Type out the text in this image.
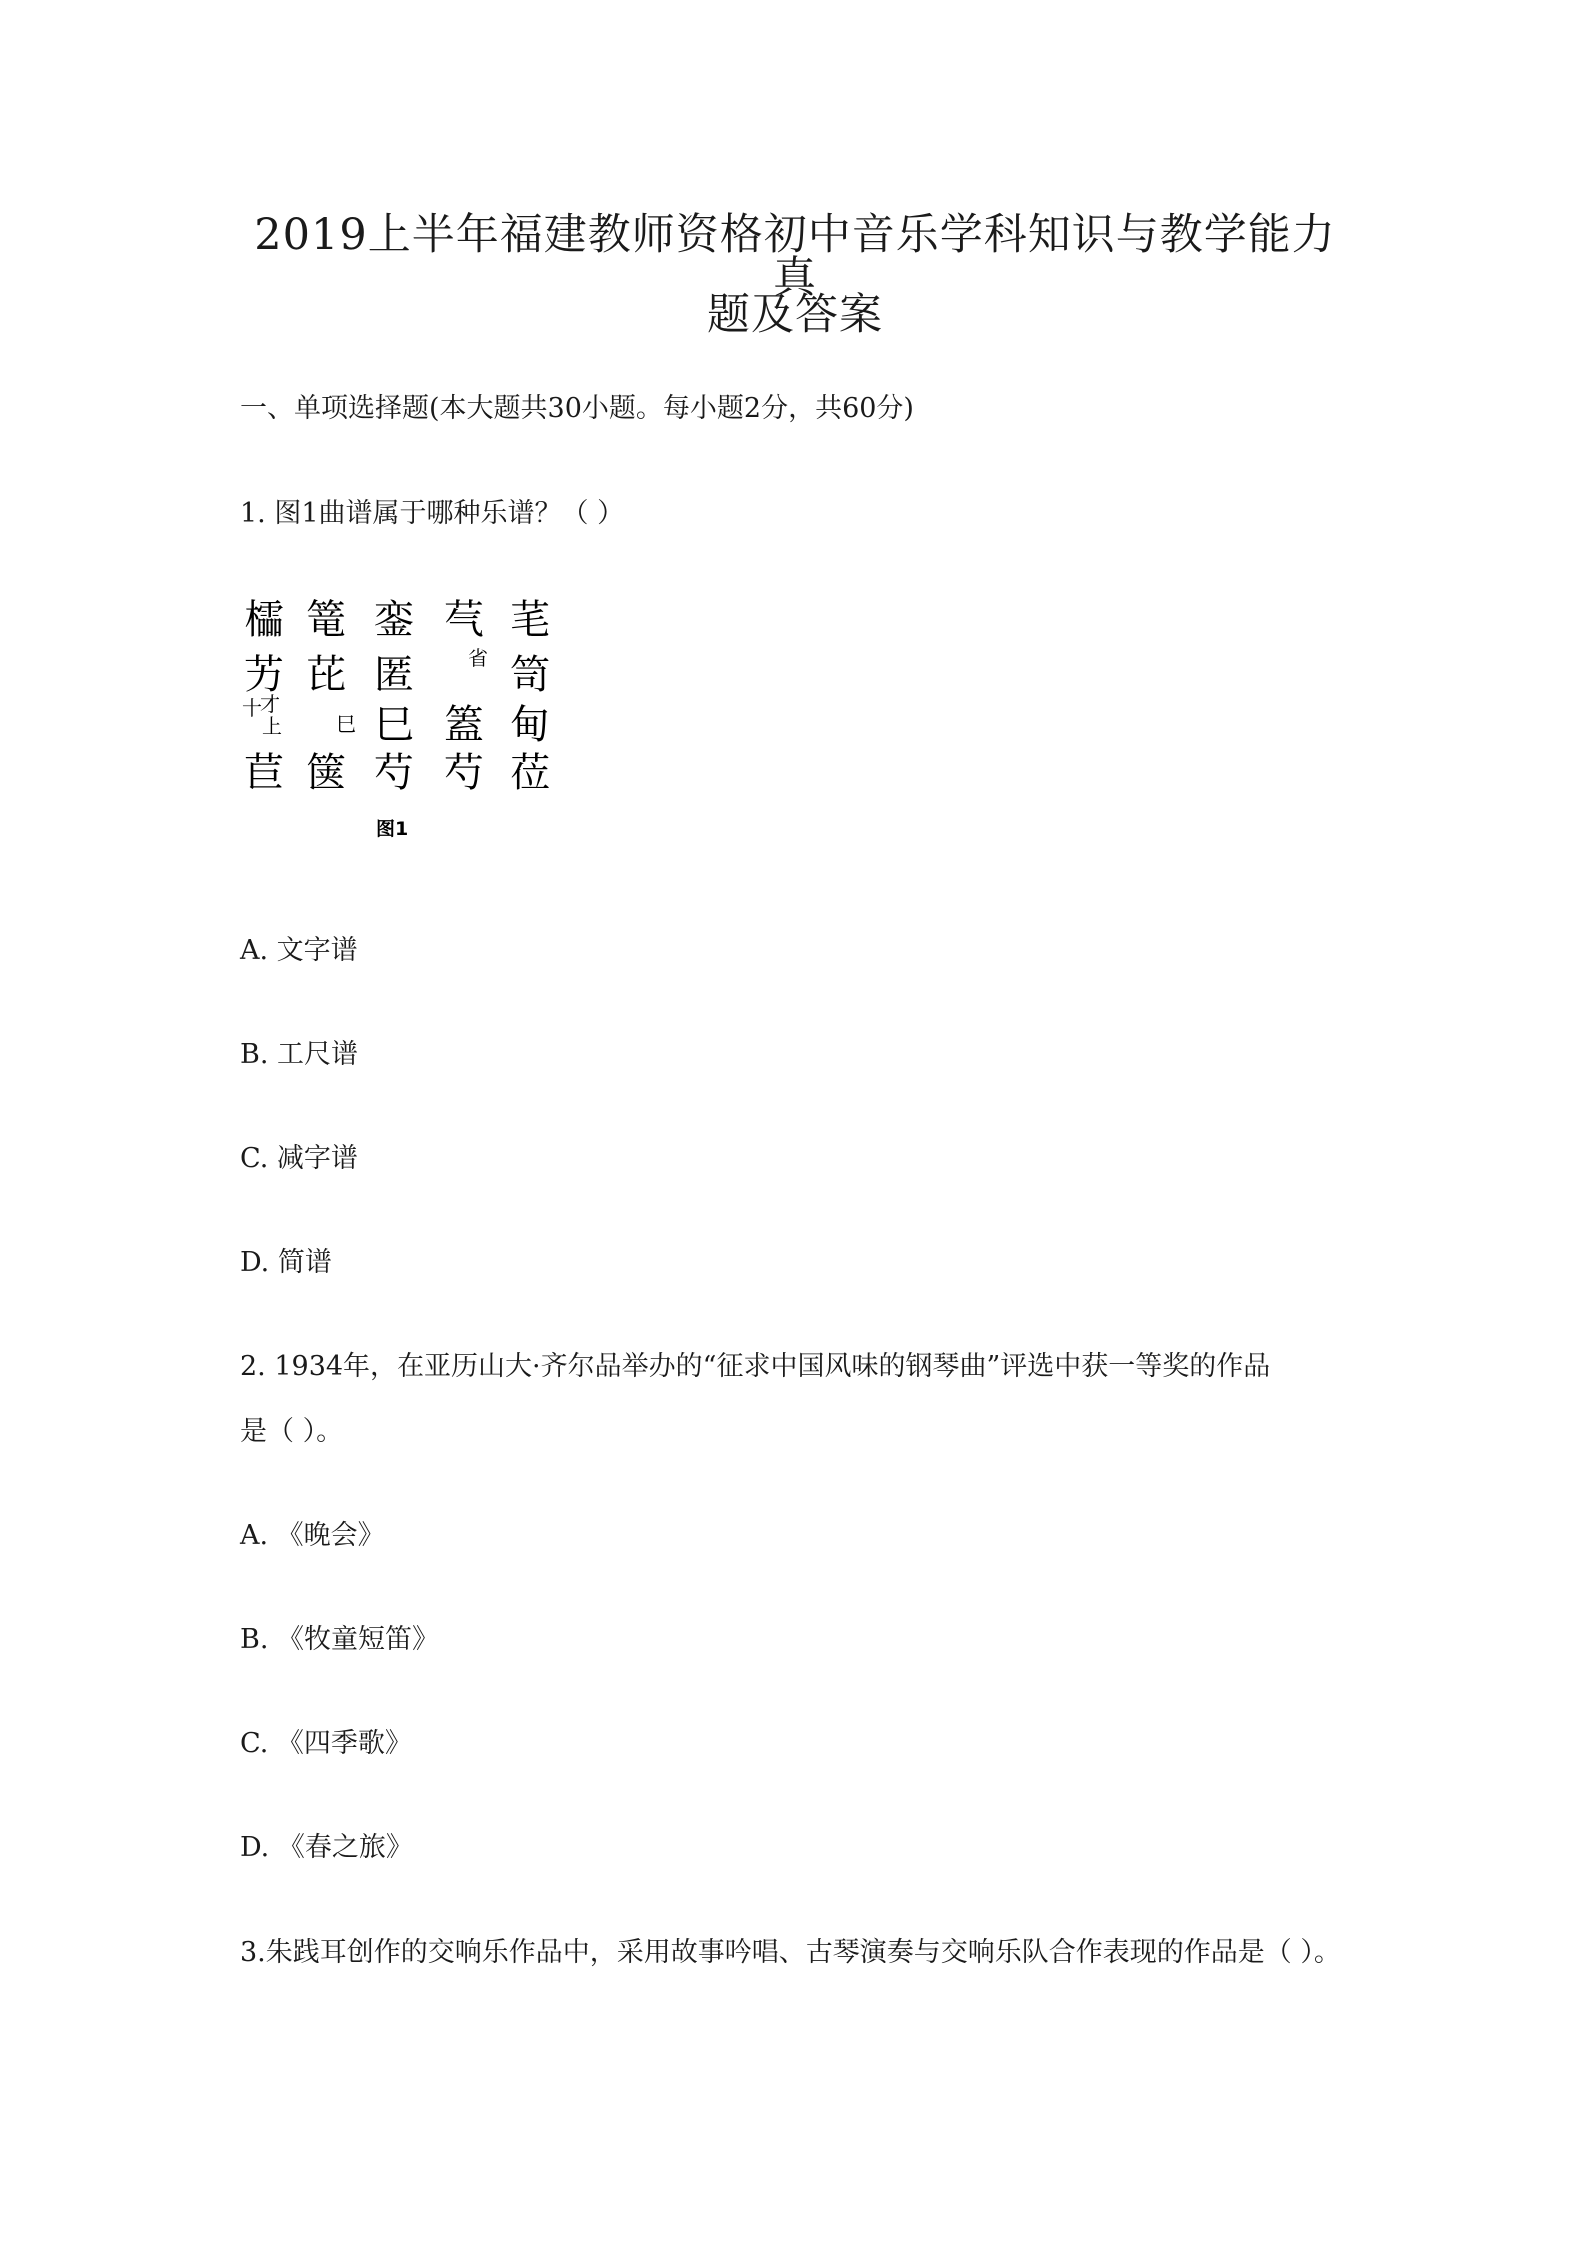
2019上半年福建教师资格初中音乐学科知识与教学能力真
题及答案
一、单项选择题(本大题共30小题。每小题2分，共60分)
1. 图1曲谱属于哪种乐谱？（ ）
櫺
艻
十
才
上
苣
篭
芘
巳
箧
銮
匿
巳
芍
芞
省
篕
芍
芼
笥
甸
莅
图1
A. 文字谱
B. 工尺谱
C. 减字谱
D. 简谱
2. 1934年，在亚历山大·齐尔品举办的“征求中国风味的钢琴曲”评选中获一等奖的作品
是（ ）。
A. 《晚会》
B. 《牧童短笛》
C. 《四季歌》
D. 《春之旅》
3.朱践耳创作的交响乐作品中，采用故事吟唱、古琴演奏与交响乐队合作表现的作品是（ ）。
